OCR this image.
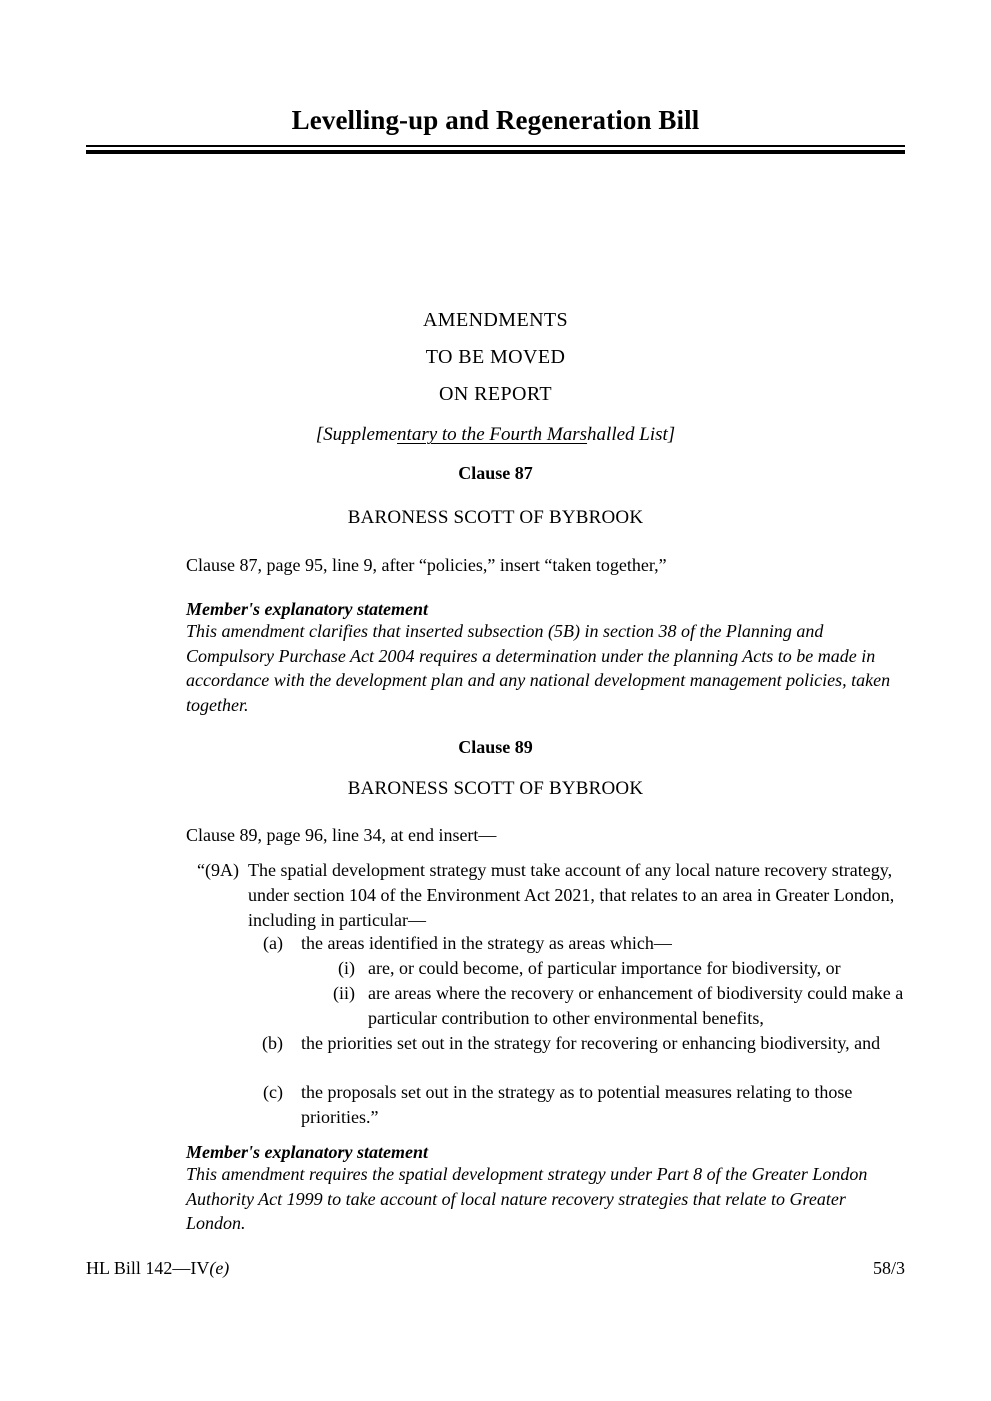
Levelling-up and Regeneration Bill
AMENDMENTS
TO BE MOVED
ON REPORT
[Supplementary to the Fourth Marshalled List]
Clause 87
BARONESS SCOTT OF BYBROOK
Clause 87, page 95, line 9, after “policies,” insert “taken together,”
Member's explanatory statement
This amendment clarifies that inserted subsection (5B) in section 38 of the Planning and Compulsory Purchase Act 2004 requires a determination under the planning Acts to be made in accordance with the development plan and any national development management policies, taken together.
Clause 89
BARONESS SCOTT OF BYBROOK
Clause 89, page 96, line 34, at end insert—
“(9A) The spatial development strategy must take account of any local nature recovery strategy, under section 104 of the Environment Act 2021, that relates to an area in Greater London, including in particular—
(a)	the areas identified in the strategy as areas which—
(i) are, or could become, of particular importance for biodiversity, or
(ii) are areas where the recovery or enhancement of biodiversity could make a particular contribution to other environmental benefits,
(b)	the priorities set out in the strategy for recovering or enhancing biodiversity, and
(c)	the proposals set out in the strategy as to potential measures relating to those priorities.”
Member's explanatory statement
This amendment requires the spatial development strategy under Part 8 of the Greater London Authority Act 1999 to take account of local nature recovery strategies that relate to Greater London.
HL Bill 142—IV(e)	58/3
